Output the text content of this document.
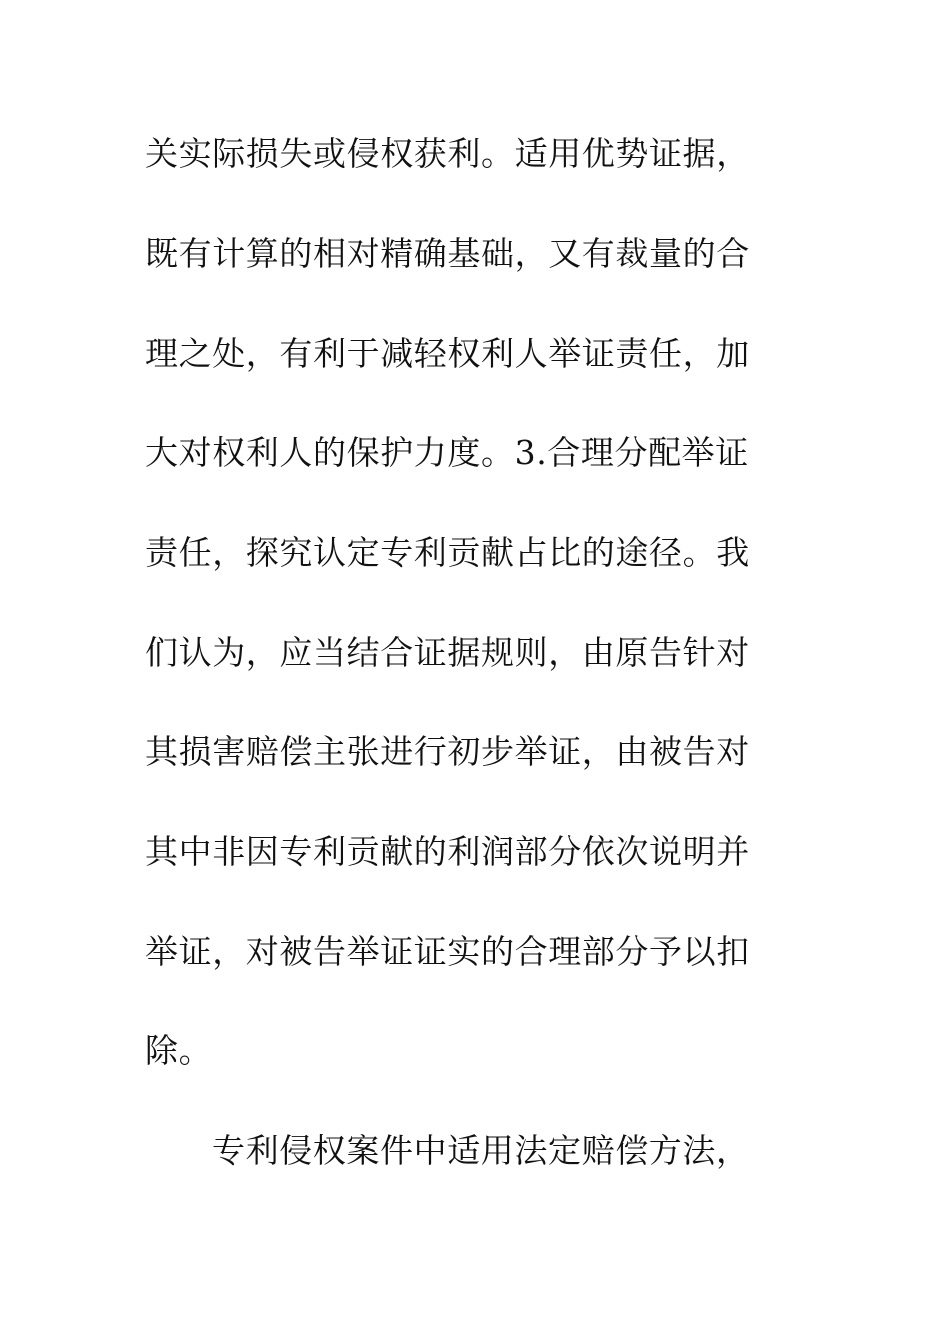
关实际损失或侵权获利。适用优势证据，
既有计算的相对精确基础，又有裁量的合
理之处，有利于减轻权利人举证责任，加
大对权利人的保护力度。3.合理分配举证
责任，探究认定专利贡献占比的途径。我
们认为，应当结合证据规则，由原告针对
其损害赔偿主张进行初步举证，由被告对
其中非因专利贡献的利润部分依次说明并
举证，对被告举证证实的合理部分予以扣
除。
专利侵权案件中适用法定赔偿方法，
